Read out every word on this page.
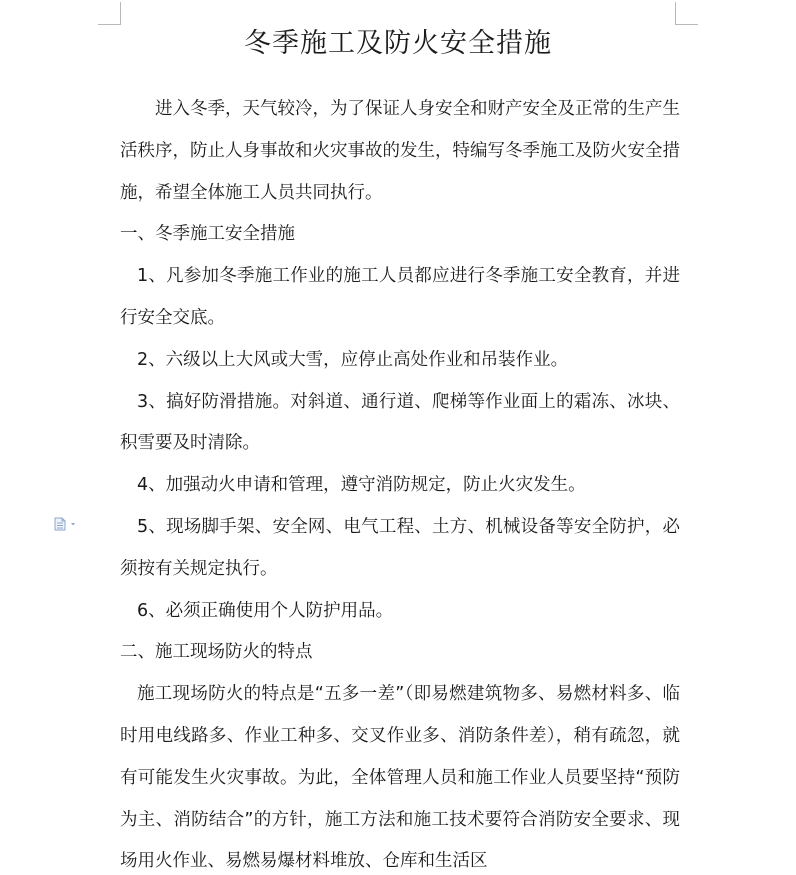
冬季施工及防火安全措施

进入冬季，天气较冷，为了保证人身安全和财产安全及正常的生产生活秩序，防止人身事故和火灾事故的发生，特编写冬季施工及防火安全措施，希望全体施工人员共同执行。

一、冬季施工安全措施

1、凡参加冬季施工作业的施工人员都应进行冬季施工安全教育，并进行安全交底。

2、六级以上大风或大雪，应停止高处作业和吊装作业。

3、搞好防滑措施。对斜道、通行道、爬梯等作业面上的霜冻、冰块、积雪要及时清除。

4、加强动火申请和管理，遵守消防规定，防止火灾发生。

5、现场脚手架、安全网、电气工程、土方、机械设备等安全防护，必须按有关规定执行。

6、必须正确使用个人防护用品。

二、施工现场防火的特点

施工现场防火的特点是“五多一差”（即易燃建筑物多、易燃材料多、临时用电线路多、作业工种多、交叉作业多、消防条件差），稍有疏忽，就有可能发生火灾事故。为此，全体管理人员和施工作业人员要坚持“预防为主、消防结合”的方针，施工方法和施工技术要符合消防安全要求、现场用火作业、易燃易爆材料堆放、仓库和生活区
